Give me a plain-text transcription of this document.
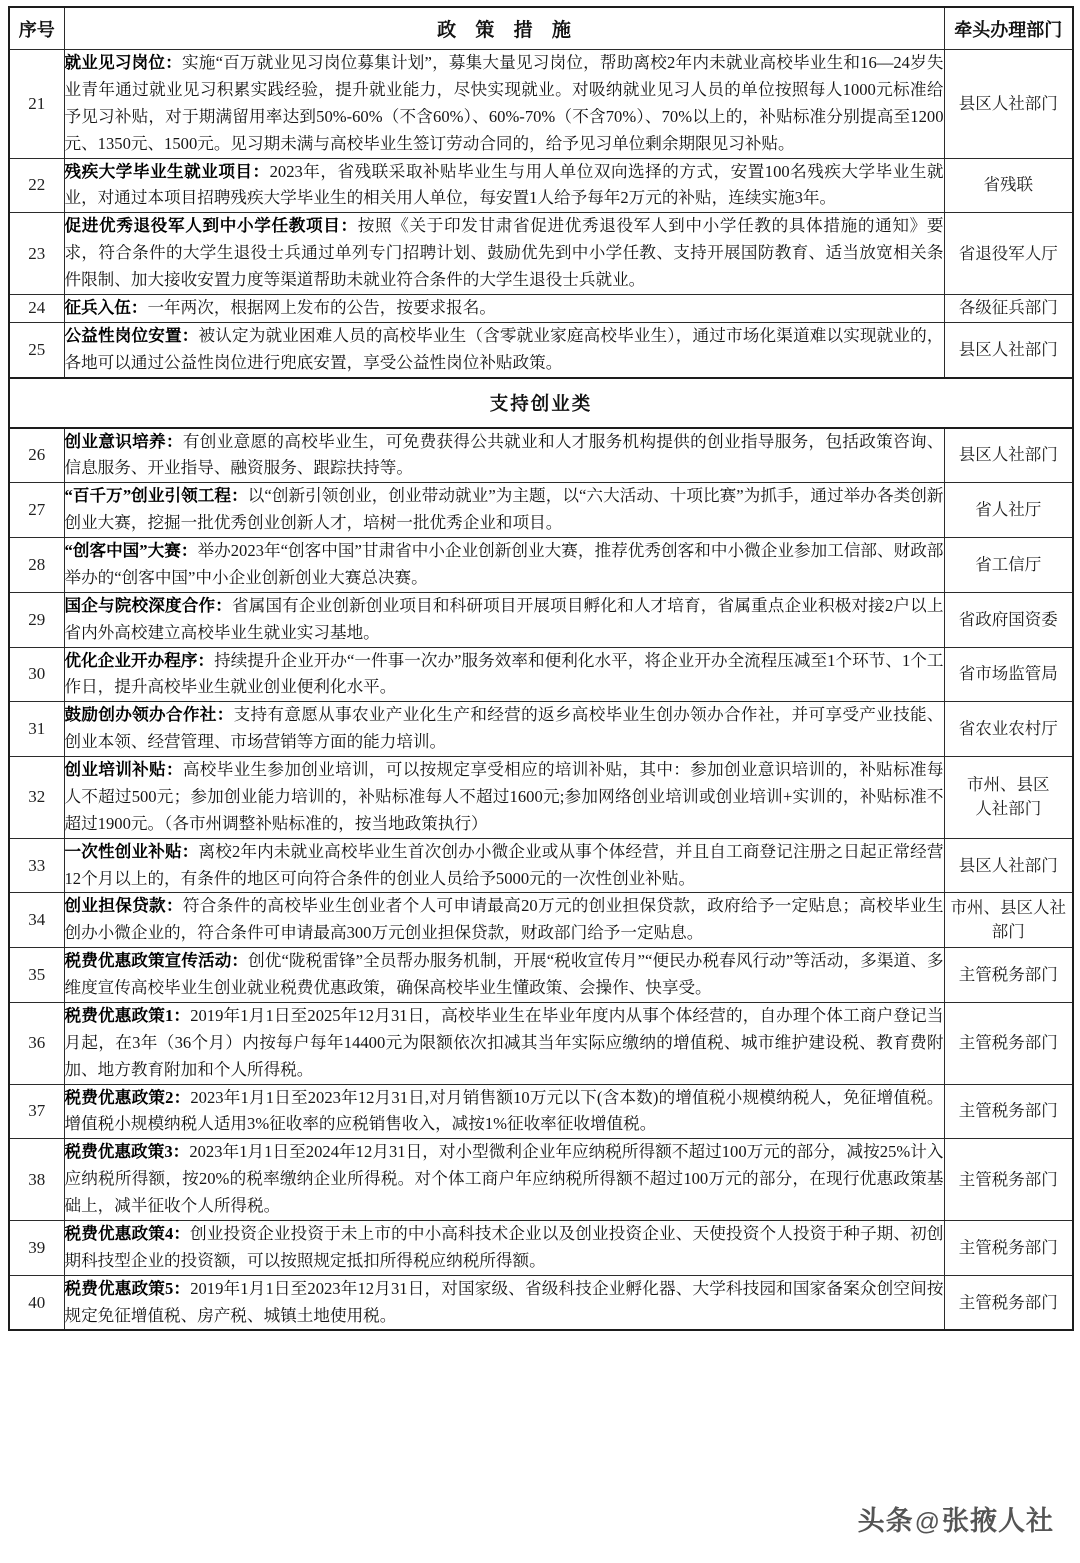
序号	政 策 措 施	牵头办理部门
21	就业见习岗位：实施“百万就业见习岗位募集计划”，募集大量见习岗位，帮助离校2年内未就业高校毕业生和16—24岁失业青年通过就业见习积累实践经验，提升就业能力，尽快实现就业。对吸纳就业见习人员的单位按照每人1000元标准给予见习补贴，对于期满留用率达到50%-60%（不含60%）、60%-70%（不含70%）、70%以上的，补贴标准分别提高至1200元、1350元、1500元。见习期未满与高校毕业生签订劳动合同的，给予见习单位剩余期限见习补贴。	县区人社部门
22	残疾大学毕业生就业项目：2023年，省残联采取补贴毕业生与用人单位双向选择的方式，安置100名残疾大学毕业生就业，对通过本项目招聘残疾大学毕业生的相关用人单位，每安置1人给予每年2万元的补贴，连续实施3年。	省残联
23	促进优秀退役军人到中小学任教项目：按照《关于印发甘肃省促进优秀退役军人到中小学任教的具体措施的通知》要求，符合条件的大学生退役士兵通过单列专门招聘计划、鼓励优先到中小学任教、支持开展国防教育、适当放宽相关条件限制、加大接收安置力度等渠道帮助未就业符合条件的大学生退役士兵就业。	省退役军人厅
24	征兵入伍：一年两次，根据网上发布的公告，按要求报名。	各级征兵部门
25	公益性岗位安置：被认定为就业困难人员的高校毕业生（含零就业家庭高校毕业生），通过市场化渠道难以实现就业的，各地可以通过公益性岗位进行兜底安置，享受公益性岗位补贴政策。	县区人社部门
支持创业类		
26	创业意识培养：有创业意愿的高校毕业生，可免费获得公共就业和人才服务机构提供的创业指导服务，包括政策咨询、信息服务、开业指导、融资服务、跟踪扶持等。	县区人社部门
27	“百千万”创业引领工程：以“创新引领创业，创业带动就业”为主题，以“六大活动、十项比赛”为抓手，通过举办各类创新创业大赛，挖掘一批优秀创业创新人才，培树一批优秀企业和项目。	省人社厅
28	“创客中国”大赛：举办2023年“创客中国”甘肃省中小企业创新创业大赛，推荐优秀创客和中小微企业参加工信部、财政部举办的“创客中国”中小企业创新创业大赛总决赛。	省工信厅
29	国企与院校深度合作：省属国有企业创新创业项目和科研项目开展项目孵化和人才培育，省属重点企业积极对接2户以上省内外高校建立高校毕业生就业实习基地。	省政府国资委
30	优化企业开办程序：持续提升企业开办“一件事一次办”服务效率和便利化水平，将企业开办全流程压减至1个环节、1个工作日，提升高校毕业生就业创业便利化水平。	省市场监管局
31	鼓励创办领办合作社：支持有意愿从事农业产业化生产和经营的返乡高校毕业生创办领办合作社，并可享受产业技能、创业本领、经营管理、市场营销等方面的能力培训。	省农业农村厅
32	创业培训补贴：高校毕业生参加创业培训，可以按规定享受相应的培训补贴，其中：参加创业意识培训的，补贴标准每人不超过500元；参加创业能力培训的，补贴标准每人不超过1600元;参加网络创业培训或创业培训+实训的，补贴标准不超过1900元。（各市州调整补贴标准的，按当地政策执行）	市州、县区
人社部门
33	一次性创业补贴：离校2年内未就业高校毕业生首次创办小微企业或从事个体经营，并且自工商登记注册之日起正常经营12个月以上的，有条件的地区可向符合条件的创业人员给予5000元的一次性创业补贴。	县区人社部门
34	创业担保贷款：符合条件的高校毕业生创业者个人可申请最高20万元的创业担保贷款，政府给予一定贴息；高校毕业生创办小微企业的，符合条件可申请最高300万元创业担保贷款，财政部门给予一定贴息。	市州、县区人社
部门
35	税费优惠政策宣传活动：创优“陇税雷锋”全员帮办服务机制，开展“税收宣传月”“便民办税春风行动”等活动，多渠道、多维度宣传高校毕业生创业就业税费优惠政策，确保高校毕业生懂政策、会操作、快享受。	主管税务部门
36	税费优惠政策1：2019年1月1日至2025年12月31日，高校毕业生在毕业年度内从事个体经营的，自办理个体工商户登记当月起，在3年（36个月）内按每户每年14400元为限额依次扣减其当年实际应缴纳的增值税、城市维护建设税、教育费附加、地方教育附加和个人所得税。	主管税务部门
37	税费优惠政策2：2023年1月1日至2023年12月31日,对月销售额10万元以下(含本数)的增值税小规模纳税人，免征增值税。增值税小规模纳税人适用3%征收率的应税销售收入，减按1%征收率征收增值税。	主管税务部门
38	税费优惠政策3：2023年1月1日至2024年12月31日，对小型微利企业年应纳税所得额不超过100万元的部分，减按25%计入应纳税所得额，按20%的税率缴纳企业所得税。对个体工商户年应纳税所得额不超过100万元的部分，在现行优惠政策基础上，减半征收个人所得税。	主管税务部门
39	税费优惠政策4：创业投资企业投资于未上市的中小高科技术企业以及创业投资企业、天使投资个人投资于种子期、初创期科技型企业的投资额，可以按照规定抵扣所得税应纳税所得额。	主管税务部门
40	税费优惠政策5：2019年1月1日至2023年12月31日，对国家级、省级科技企业孵化器、大学科技园和国家备案众创空间按规定免征增值税、房产税、城镇土地使用税。	主管税务部门
头条@张掖人社
